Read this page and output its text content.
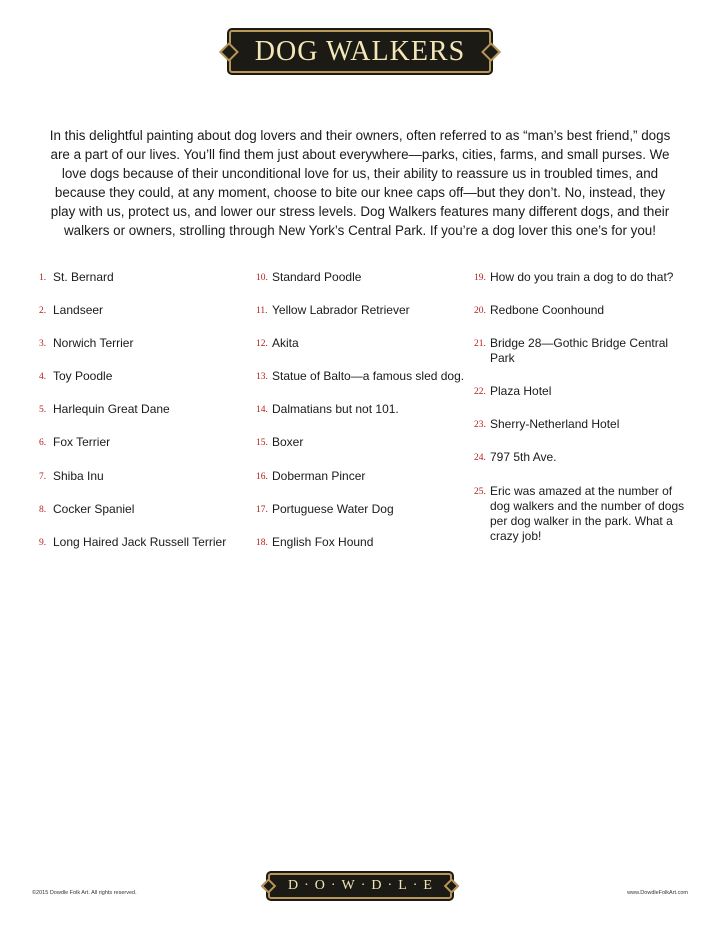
DOG WALKERS

In this delightful painting about dog lovers and their owners, often referred to as “man’s best friend,” dogs are a part of our lives. You’ll find them just about everywhere—parks, cities, farms, and small purses. We love dogs because of their unconditional love for us, their ability to reassure us in troubled times, and because they could, at any moment, choose to bite our knee caps off—but they don’t. No, instead, they play with us, protect us, and lower our stress levels. Dog Walkers features many different dogs, and their walkers or owners, strolling through New York’s Central Park. If you’re a dog lover this one’s for you!

1. St. Bernard
2. Landseer
3. Norwich Terrier
4. Toy Poodle
5. Harlequin Great Dane
6. Fox Terrier
7. Shiba Inu
8. Cocker Spaniel
9. Long Haired Jack Russell Terrier
10. Standard Poodle
11. Yellow Labrador Retriever
12. Akita
13. Statue of Balto—a famous sled dog.
14. Dalmatians but not 101.
15. Boxer
16. Doberman Pincer
17. Portuguese Water Dog
18. English Fox Hound
19. How do you train a dog to do that?
20. Redbone Coonhound
21. Bridge 28—Gothic Bridge Central Park
22. Plaza Hotel
23. Sherry-Netherland Hotel
24. 797 5th Ave.
25. Eric was amazed at the number of dog walkers and the number of dogs per dog walker in the park. What a crazy job!
©2015 Dowdle Folk Art. All rights reserved.	D·O·W·D·L·E	www.DowdleFolkArt.com
